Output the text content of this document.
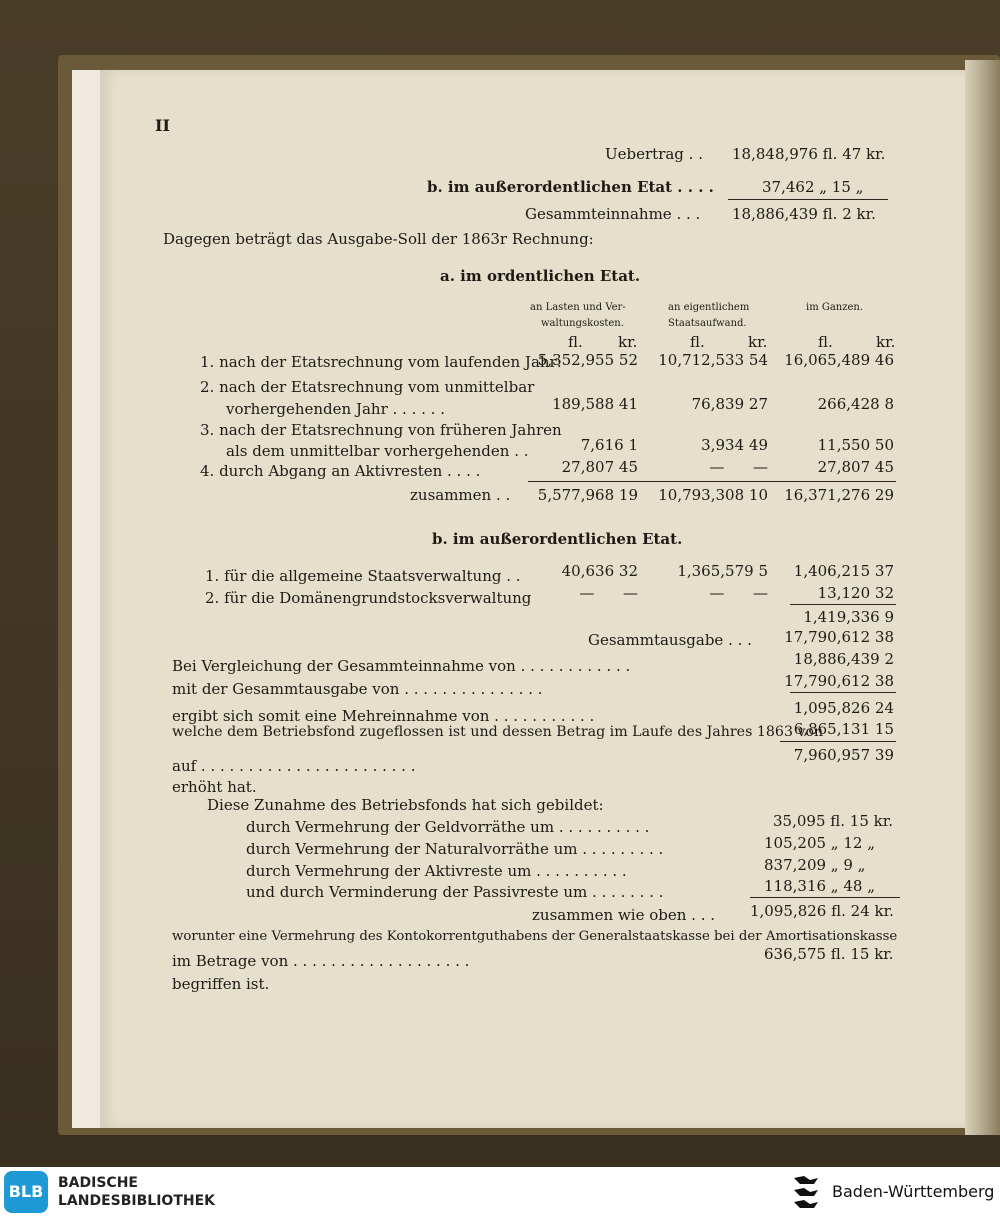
II
Uebertrag . . 18,848,976 fl. 47 kr.
b. im außerordentlichen Etat . . . .	37,462 „ 15 „
Gesammteinnahme . . . 18,886,439 fl. 2 kr.
Dagegen beträgt das Ausgabe-Soll der 1863r Rechnung:
a. im ordentlichen Etat.
an Lasten und Ver-
waltungskosten.
an eigentlichem
Staatsaufwand.
im Ganzen.
fl. kr.	fl.	kr.	fl.	kr.
1. nach der Etatsrechnung vom laufenden Jahr:
5,352,955 52	10,712,533 54	16,065,489 46
2. nach der Etatsrechnung vom unmittelbar
vorhergehenden Jahr . . . . . .	189,588 41	76,839 27	266,428 8
3. nach der Etatsrechnung von früheren Jahren
als dem unmittelbar vorhergehenden . .	7,616 1	3,934 49	11,550 50
4. durch Abgang an Aktivresten . . . .	27,807 45	— —	27,807 45
zusammen . .	5,577,968 19	10,793,308 10	16,371,276 29
b. im außerordentlichen Etat.
1. für die allgemeine Staatsverwaltung . .	40,636 32	1,365,579 5	1,406,215 37
2. für die Domänengrundstocksverwaltung	— —	— —	13,120 32
1,419,336 9
Gesammtausgabe . . .	17,790,612 38
Bei Vergleichung der Gesammteinnahme von . . . . . . . . . . . .	18,886,439 2
mit der Gesammtausgabe von . . . . . . . . . . . . . . .	17,790,612 38
ergibt sich somit eine Mehreinnahme von . . . . . . . . . . .	1,095,826 24
welche dem Betriebsfond zugeflossen ist und dessen Betrag im Laufe des Jahres 1863 von
6,865,131 15
auf . . . . . . . . . . . . . . . . . . . . . . .
7,960,957 39
erhöht hat.
Diese Zunahme des Betriebsfonds hat sich gebildet:
durch Vermehrung der Geldvorräthe um . . . . . . . . . .	35,095 fl. 15 kr.
durch Vermehrung der Naturalvorräthe um . . . . . . . . .	105,205 „ 12 „
durch Vermehrung der Aktivreste um . . . . . . . . . .	837,209 „ 9 „
und durch Verminderung der Passivreste um . . . . . . . .	118,316 „ 48 „
zusammen wie oben . . . 1,095,826 fl. 24 kr.
worunter eine Vermehrung des Kontokorrentguthabens der Generalstaatskasse bei der Amortisationskasse
im Betrage von . . . . . . . . . . . . . . . . . . .	636,575 fl. 15 kr.
begriffen ist.
BLB	BADISCHE
LANDESBIBLIOTHEK	Baden-Württemberg
